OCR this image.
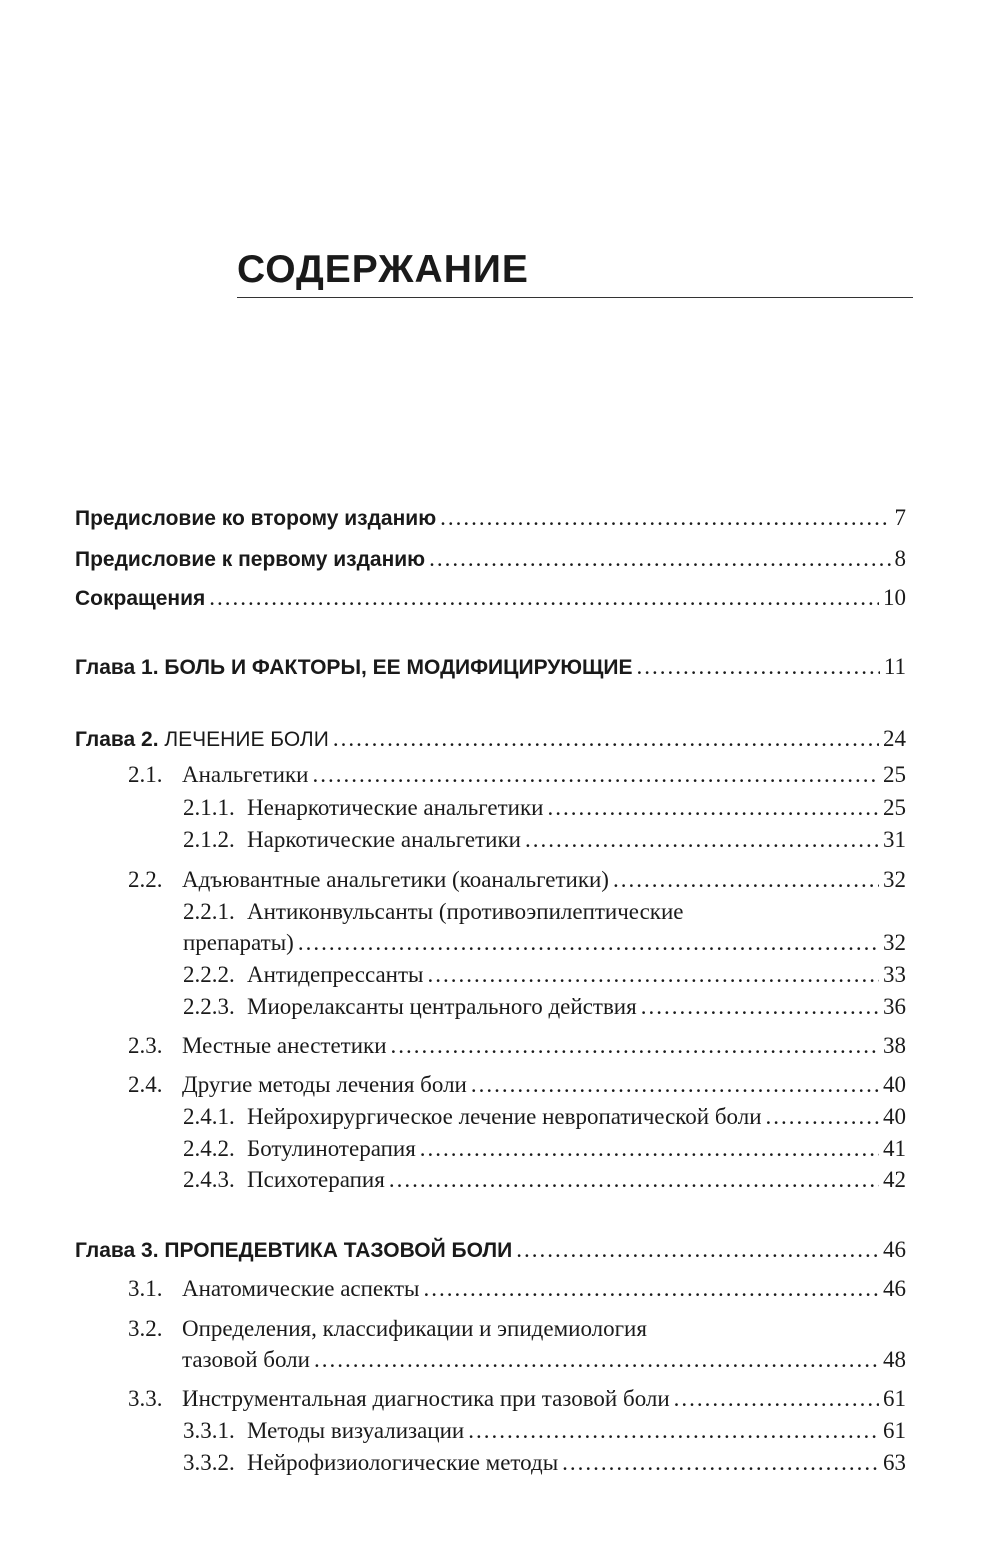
СОДЕРЖАНИЕ
Предисловие ко второму изданию .....	7
Предисловие к первому изданию .....	8
Сокращения .....	10
Глава 1. БОЛЬ И ФАКТОРЫ, ЕЕ МОДИФИЦИРУЮЩИЕ .....	11
Глава 2. ЛЕЧЕНИЕ БОЛИ .....	24
2.1. Анальгетики .....	25
2.1.1. Ненаркотические анальгетики .....	25
2.1.2. Наркотические анальгетики .....	31
2.2. Адъювантные анальгетики (коанальгетики) .....	32
2.2.1. Антиконвульсанты (противоэпилептические
препараты) .....	32
2.2.2. Антидепрессанты .....	33
2.2.3. Миорелаксанты центрального действия .....	36
2.3. Местные анестетики .....	38
2.4. Другие методы лечения боли .....	40
2.4.1. Нейрохирургическое лечение невропатической боли .....	40
2.4.2. Ботулинотерапия .....	41
2.4.3. Психотерапия .....	42
Глава 3. ПРОПЕДЕВТИКА ТАЗОВОЙ БОЛИ .....	46
3.1. Анатомические аспекты .....	46
3.2. Определения, классификации и эпидемиология
тазовой боли .....	48
3.3. Инструментальная диагностика при тазовой боли .....	61
3.3.1. Методы визуализации .....	61
3.3.2. Нейрофизиологические методы .....	63
